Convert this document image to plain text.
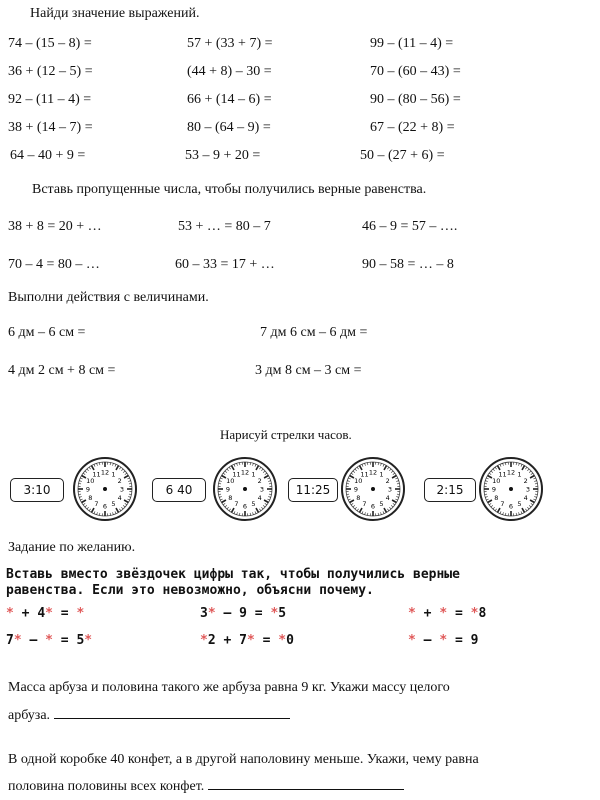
Найди значение выражений.
74 – (15 – 8) =	57 + (33 + 7) =	99 – (11 – 4) =
36 + (12 – 5) =	(44 + 8) – 30 =	70 – (60 – 43) =
92 – (11 – 4) =	66 + (14 – 6) =	90 – (80 – 56) =
38 + (14 – 7) =	80 – (64 – 9) =	67 – (22 + 8) =
64 – 40 + 9 =	53 – 9 + 20 =	50 – (27 + 6) =
Вставь пропущенные числа, чтобы получились верные равенства.
38 + 8 = 20 + …	53 + … = 80 – 7	46 – 9 = 57 – ….
70 – 4 = 80 – …	60 – 33 = 17 + …	90 – 58 = … – 8
Выполни действия с величинами.
6 дм – 6 см =	7 дм 6 см – 6 дм =
4 дм 2 см + 8 см =	3 дм 8 см – 3 см =
Нарисуй стрелки часов.
3:10
1
2
3
4
5
6
7
8
9
10
11 12
6 40
1
2
3
4
5
6
7
8
9
10
11 12
11:25
1
2
3
4
5
6
7
8
9
10
11 12
2:15
1
2
3
4
5
6
7
8
9
10
11 12
Задание по желанию.
Вставь вместо звёздочек цифры так, чтобы получились верные
равенства. Если это невозможно, объясни почему.
* + 4* = *	3* – 9 = *5	* + * = *8
7* – * = 5*	*2 + 7* = *0	* – * = 9
Масса арбуза и половина такого же арбуза равна 9 кг. Укажи массу целого
арбуза.
В одной коробке 40 конфет, а в другой наполовину меньше. Укажи, чему равна
половина половины всех конфет.
